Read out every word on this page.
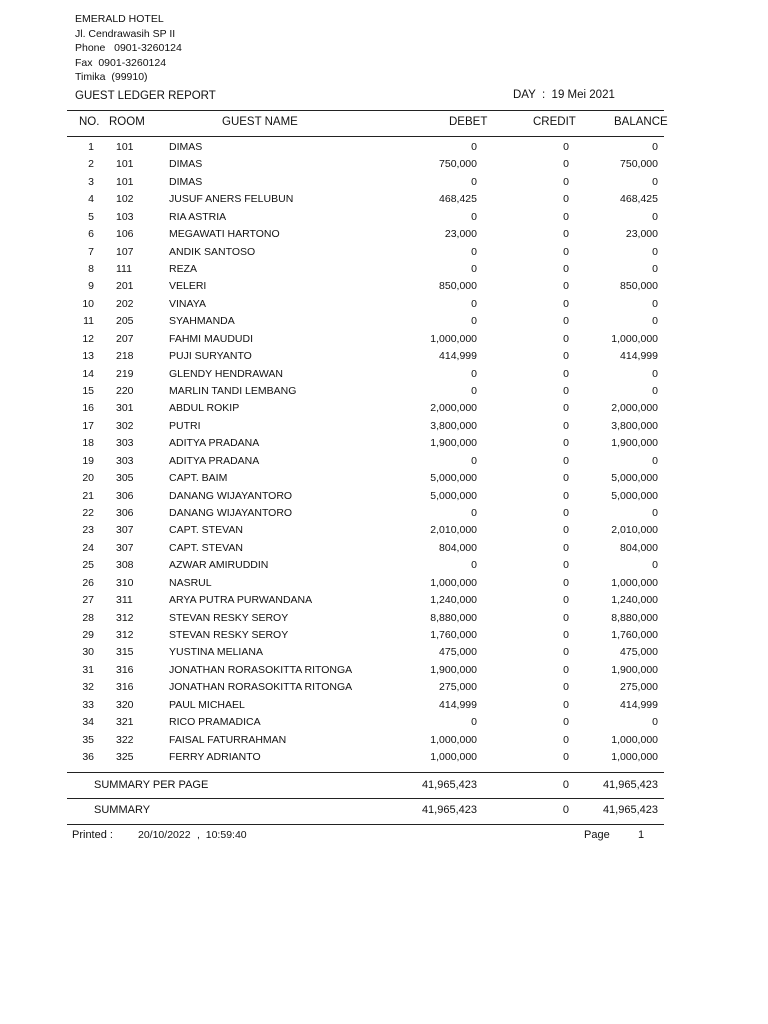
EMERALD HOTEL
Jl. Cendrawasih SP II
Phone   0901-3260124
Fax  0901-3260124
Timika  (99910)
GUEST LEDGER REPORT	DAY  :  19 Mei 2021
NO. ROOM	GUEST NAME	DEBET	CREDIT	BALANCE
1 101	DIMAS	0	0	0
2 101	DIMAS	750,000	0	750,000
3 101	DIMAS	0	0	0
4 102	JUSUF ANERS FELUBUN	468,425	0	468,425
5 103	RIA ASTRIA	0	0	0
6 106	MEGAWATI HARTONO	23,000	0	23,000
7 107	ANDIK SANTOSO	0	0	0
8 111	REZA	0	0	0
9 201	VELERI	850,000	0	850,000
10 202	VINAYA	0	0	0
11 205	SYAHMANDA	0	0	0
12 207	FAHMI MAUDUDI	1,000,000	0	1,000,000
13 218	PUJI SURYANTO	414,999	0	414,999
14 219	GLENDY HENDRAWAN	0	0	0
15 220	MARLIN TANDI LEMBANG	0	0	0
16 301	ABDUL ROKIP	2,000,000	0	2,000,000
17 302	PUTRI	3,800,000	0	3,800,000
18 303	ADITYA PRADANA	1,900,000	0	1,900,000
19 303	ADITYA PRADANA	0	0	0
20 305	CAPT. BAIM	5,000,000	0	5,000,000
21 306	DANANG WIJAYANTORO	5,000,000	0	5,000,000
22 306	DANANG WIJAYANTORO	0	0	0
23 307	CAPT. STEVAN	2,010,000	0	2,010,000
24 307	CAPT. STEVAN	804,000	0	804,000
25 308	AZWAR AMIRUDDIN	0	0	0
26 310	NASRUL	1,000,000	0	1,000,000
27 311	ARYA PUTRA PURWANDANA	1,240,000	0	1,240,000
28 312	STEVAN RESKY SEROY	8,880,000	0	8,880,000
29 312	STEVAN RESKY SEROY	1,760,000	0	1,760,000
30 315	YUSTINA MELIANA	475,000	0	475,000
31 316	JONATHAN RORASOKITTA RITONGA	1,900,000	0	1,900,000
32 316	JONATHAN RORASOKITTA RITONGA	275,000	0	275,000
33 320	PAUL MICHAEL	414,999	0	414,999
34 321	RICO PRAMADICA	0	0	0
35 322	FAISAL FATURRAHMAN	1,000,000	0	1,000,000
36 325	FERRY ADRIANTO	1,000,000	0	1,000,000
SUMMARY PER PAGE	41,965,423	0	41,965,423
SUMMARY	41,965,423	0	41,965,423
Printed : 20/10/2022 ,  10:59:40	Page	1
